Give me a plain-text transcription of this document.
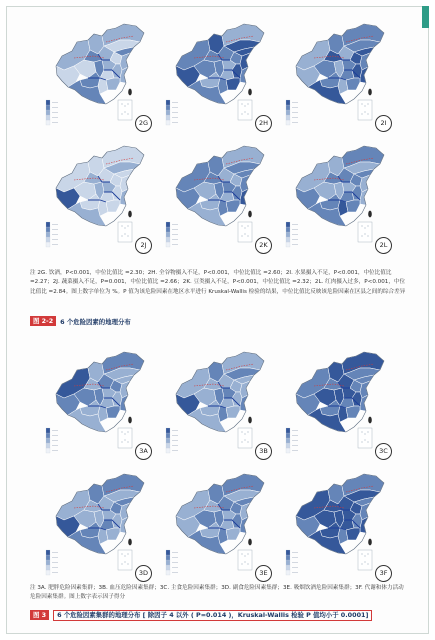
2G	2H	2I
2J	2K	2L
注 2G. 饮酒，P<0.001，中位比值比 =2.30；2H. 全谷物摄入不足，P<0.001，中位比值比 =2.60；2I. 水果摄入不足，P<0.001，中位比值比 =2.27；2J. 蔬菜摄入不足，P=0.001，中位比值比 =2.66；2K. 豆类摄入不足，P<0.001，中位比值比 =2.32；2L. 红肉摄入过多，P<0.001，中位比值比 =2.84。图上数字单位为 %。P 值为该危险因素在地区水平进行 Kruskal-Wallis 检验的结果，中位比值比反映该危险因素在区县之间的综合差异
图 2-2	6 个危险因素的地理分布
3A	3B	3C
3D	3E	3F
注 3A. 肥胖危险因素集群；3B. 血压危险因素集群；3C. 主食危险因素集群；3D. 副食危险因素集群；3E. 吸烟饮酒危险因素集群；3F. 代谢和体力活动危险因素集群。图上数字表示因子得分
图 3	6 个危险因素集群的地理分布 [ 除因子 4 以外 ( P=0.014 )，Kruskal-Wallis 检验 P 值均小于 0.0001]
